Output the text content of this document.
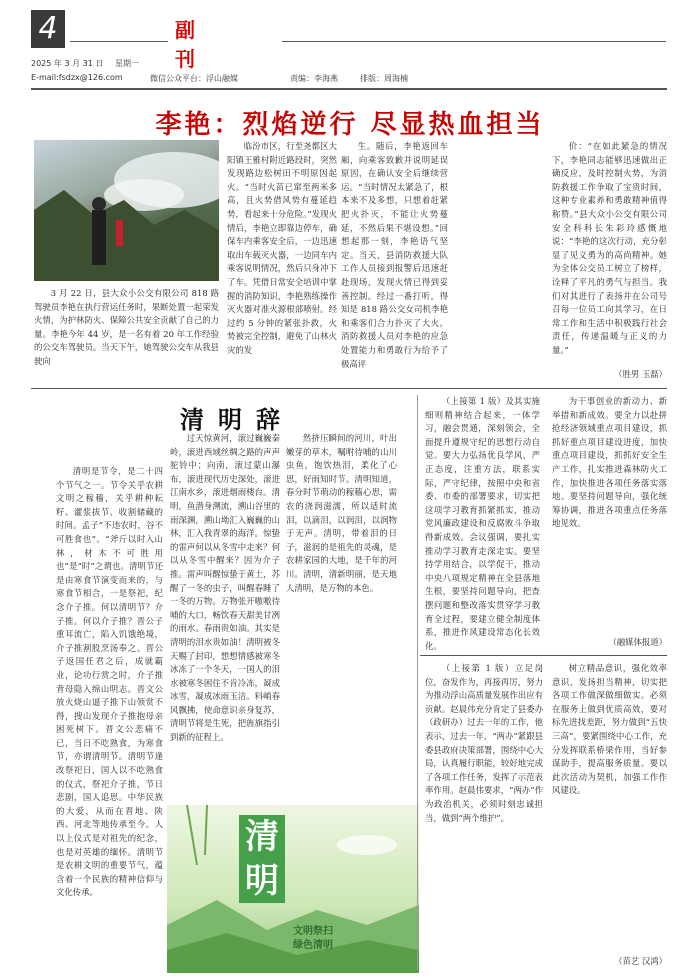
4	副 刊
2025 年 3 月 31 日 星期一
E-mail:fsdzx@126.com	微信公众平台：浮山融媒	责编：李海燕	排版：周海楠
李艳：烈焰逆行 尽显热血担当

3 月 22 日，县大众小公交有限公司 818 路驾驶员李艳在执行营运任务时，果断处置一起荣发火情，为护林防火、保障公共安全贡献了自己的力量。李艳今年 44 岁，是一名有着 20 年工作经验的公交车驾驶员。当天下午，她驾驶公交车从我县驶向

临汾市区，行至尧都区大阳镇王雅村附近路段时，突然发现路边松树田不明原因起火。“当时火苗已窜至两米多高，且火势借风势有蔓延趋势，看起来十分危险。”发现火情后，李艳立即靠边停车，确保车内乘客安全后，一边迅速取出车载灭火器，一边同车内乘客说明情况，然后只身冲下了车。凭借日常安全培训中掌握的消防知识，李艳熟练操作灭火器对准火源根部喷射。经过约 5 分钟的紧张扑救，火势被完全控制，避免了山林火灾的发

生。随后，李艳返回车厢，向乘客致歉并说明延误原因，在确认安全后继续营运。“当时情况太紧急了，根本来不及多想，只想着赶紧把火扑灭，不能让火势蔓延，不然后果不堪设想。”回想起那一刻，李艳语气坚定。当天，县消防救援大队工作人员接到报警后迅速赶赴现场，发现火情已得到妥善控制。经过一番打听，得知是 818 路公交女司机李艳和乘客们合力扑灭了大火。消防救援人员对李艳的应急处置能力和勇敢行为给予了极高评

价：“在如此紧急的情况下，李艳同志能够迅速做出正确反应，及时控制火势，为消防救援工作争取了宝贵时间，这种专业素养和勇敢精神值得称赞。”县大众小公交有限公司安全科科长朱彩玲感慨地说：“李艳的这次行动，充分彰显了见义勇为的高尚精神。她为全体公交员工树立了榜样，诠释了平凡的勇气与担当。我们对其进行了表扬并在公司号召每一位员工向其学习，在日常工作和生活中积极践行社会责任，传递温暖与正义的力量。”

（胜男 玉磊）
清明辞

清明是节令，是二十四个节气之一。节令关乎农耕文明之稼穑，关乎耕种耘籽、灌浆拔节、收割储藏的时间。孟子“不违农时，谷不可胜食也”。“斧斤以时入山林，材木不可胜用也”是“时”之谓也。清明节还是由寒食节演变而来的，与寒食节相合，一是祭祀，纪念介子推。何以清明节？介子推。何以介子推？晋公子重耳流亡，陷入饥饿绝境，介子推割股烹汤奉之。晋公子返国任君之后，成就霸业，论功行赏之时，介子推背母隐入绵山明志。晋文公放火烧山逼子推下山领赏不得，搜山发现介子推抱母亲困死树下。晋文公悲痛不已，当日不吃熟食，为寒食节，亦谓清明节。清明节逢改祭祀日，国人以不吃熟食的仪式，祭祀介子推，节日悲剧，国人追思。中华民族的大爱，从而在晋地、陕西、河北等地传承至今。人以上仪式是对祖先的纪念，也是对英雄的缅怀。清明节是农耕文明的重要节气，蕴含着一个民族的精神信仰与文化传承。

过天惊黄河，滚过巍巍秦岭，滚进西域丝绸之路的声声驼铃中；向南，滚过蒙山瀑布，滚进现代历史深处，滚进江南水乡，滚进烟雨楼台。清明，鱼潜身溯流，溯山谷里的雨深渊，溯山坳汇入巍巍的山林，汇入我青翠的海洋。惊蛰的雷声何以从冬雪中走来？何以从冬雪中醒来？因为介子推。雷声叫醒惊蛰于黄土，苏醒了一冬的虫子，叫醒春睡了一冬的万物。万物张开嗷嗷待哺的大口，畅饮春天甜美甘冽的雨水。春雨贵如油。其实是清明的泪水贵如油！清明被冬天赐了封印，想想情感被寒冬冰冻了一个冬天，一国人的泪水被寒冬困住不肯冷冻，凝成冰雪，凝成冰雨玉洁。料峭春风飘拂，使命意识亲身复苏，清明节将是生死，把旌旗指引到新的征程上。

然挤压瞬间的河川，叶出嫩芽的草木，嘱咐待哺的山川虫鱼，饱饮热泪，柔化了心思，好雨知时节。清明知道，春分时节萌动的稼穑心思，需农的浇润滋濡，所以适时流泪，以滴泪，以润泪，以润物于无声。清明，带着泪的日子，滋润的是祖先的灵魂，是农耕家园的大地，是千年的河川。清明，清新明丽，是天地人清明，是万物的本色。

清明
文明祭扫
绿色清明

（上接第 1 版）及其实施细则精神结合起来，一体学习，融会贯通，深刻领会，全面提升遵规守纪的思想行动自觉。要大力弘扬优良学风，严正态度，注重方法，联系实际，严守纪律，按照中央和省委、市委的部署要求，切实把这项学习教育抓紧抓实，推动党风廉政建设和反腐败斗争取得新成效。会议强调，要扎实推动学习教育走深走实。要坚持学用结合，以学促干，推动中央八项规定精神在全县落地生根，要坚持问题导向，把查摆问题和整改落实贯穿学习教育全过程，要建立健全制度体系，推进作风建设常态化长效化。

为干事创业的新动力、新举措和新成效。要全力以赴拼抢经济领域重点项目建设，抓抓好重点项目建设进度，加快重点项目建设，抓抓好安全生产工作，扎实推进森林防火工作，加快推进各项任务落实落地。要坚持问题导向，强化统筹协调，推进各项重点任务落地见效。

（融媒体报道）

（上接第 1 版）立足岗位，奋发作为，再接再厉，努力为推动浮山高质量发展作出应有贡献。赵晨伟充分肯定了县委办（政研办）过去一年的工作，他表示，过去一年，“两办”紧跟县委县政府决策部署，围绕中心大局，认真履行职能，较好地完成了各项工作任务，发挥了示范表率作用。赵晨伟要求，“两办”作为政治机关，必须时刻忠诚担当，做到“两个维护”。

树立精品意识，强化效率意识，发扬担当精神，切实把各项工作做深做细做实。必须在服务上做到优质高效，要对标先进找差距，努力做到“五快三高”，要紧围绕中心工作，充分发挥联系桥梁作用，当好参谋助手，提高服务质量。要以此次活动为契机，加强工作作风建设。

（苗艺 汉鸿）
